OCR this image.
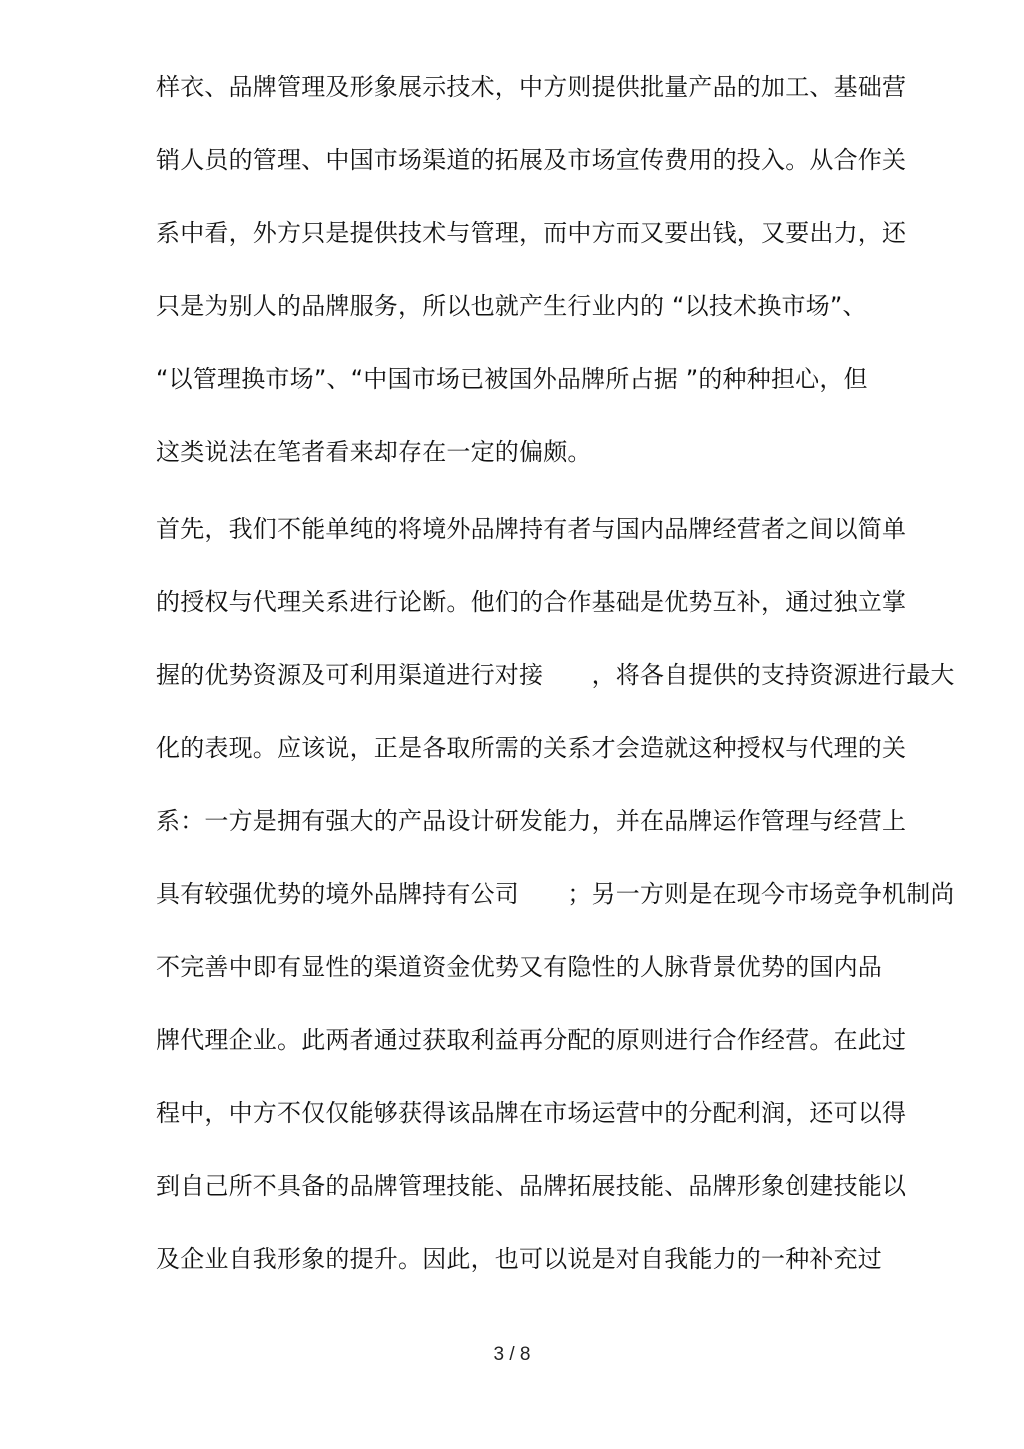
样衣、品牌管理及形象展示技术，中方则提供批量产品的加工、基础营
销人员的管理、中国市场渠道的拓展及市场宣传费用的投入。从合作关
系中看，外方只是提供技术与管理，而中方而又要出钱，又要出力，还
只是为别人的品牌服务，所以也就产生行业内的 “以技术换市场”、
“以管理换市场”、“中国市场已被国外品牌所占据 ”的种种担心，但
这类说法在笔者看来却存在一定的偏颇。
首先，我们不能单纯的将境外品牌持有者与国内品牌经营者之间以简单
的授权与代理关系进行论断。他们的合作基础是优势互补，通过独立掌
握的优势资源及可利用渠道进行对接　　，将各自提供的支持资源进行最大
化的表现。应该说，正是各取所需的关系才会造就这种授权与代理的关
系：一方是拥有强大的产品设计研发能力，并在品牌运作管理与经营上
具有较强优势的境外品牌持有公司　　；另一方则是在现今市场竞争机制尚
不完善中即有显性的渠道资金优势又有隐性的人脉背景优势的国内品
牌代理企业。此两者通过获取利益再分配的原则进行合作经营。在此过
程中，中方不仅仅能够获得该品牌在市场运营中的分配利润，还可以得
到自己所不具备的品牌管理技能、品牌拓展技能、品牌形象创建技能以
及企业自我形象的提升。因此，也可以说是对自我能力的一种补充过
3 / 8
